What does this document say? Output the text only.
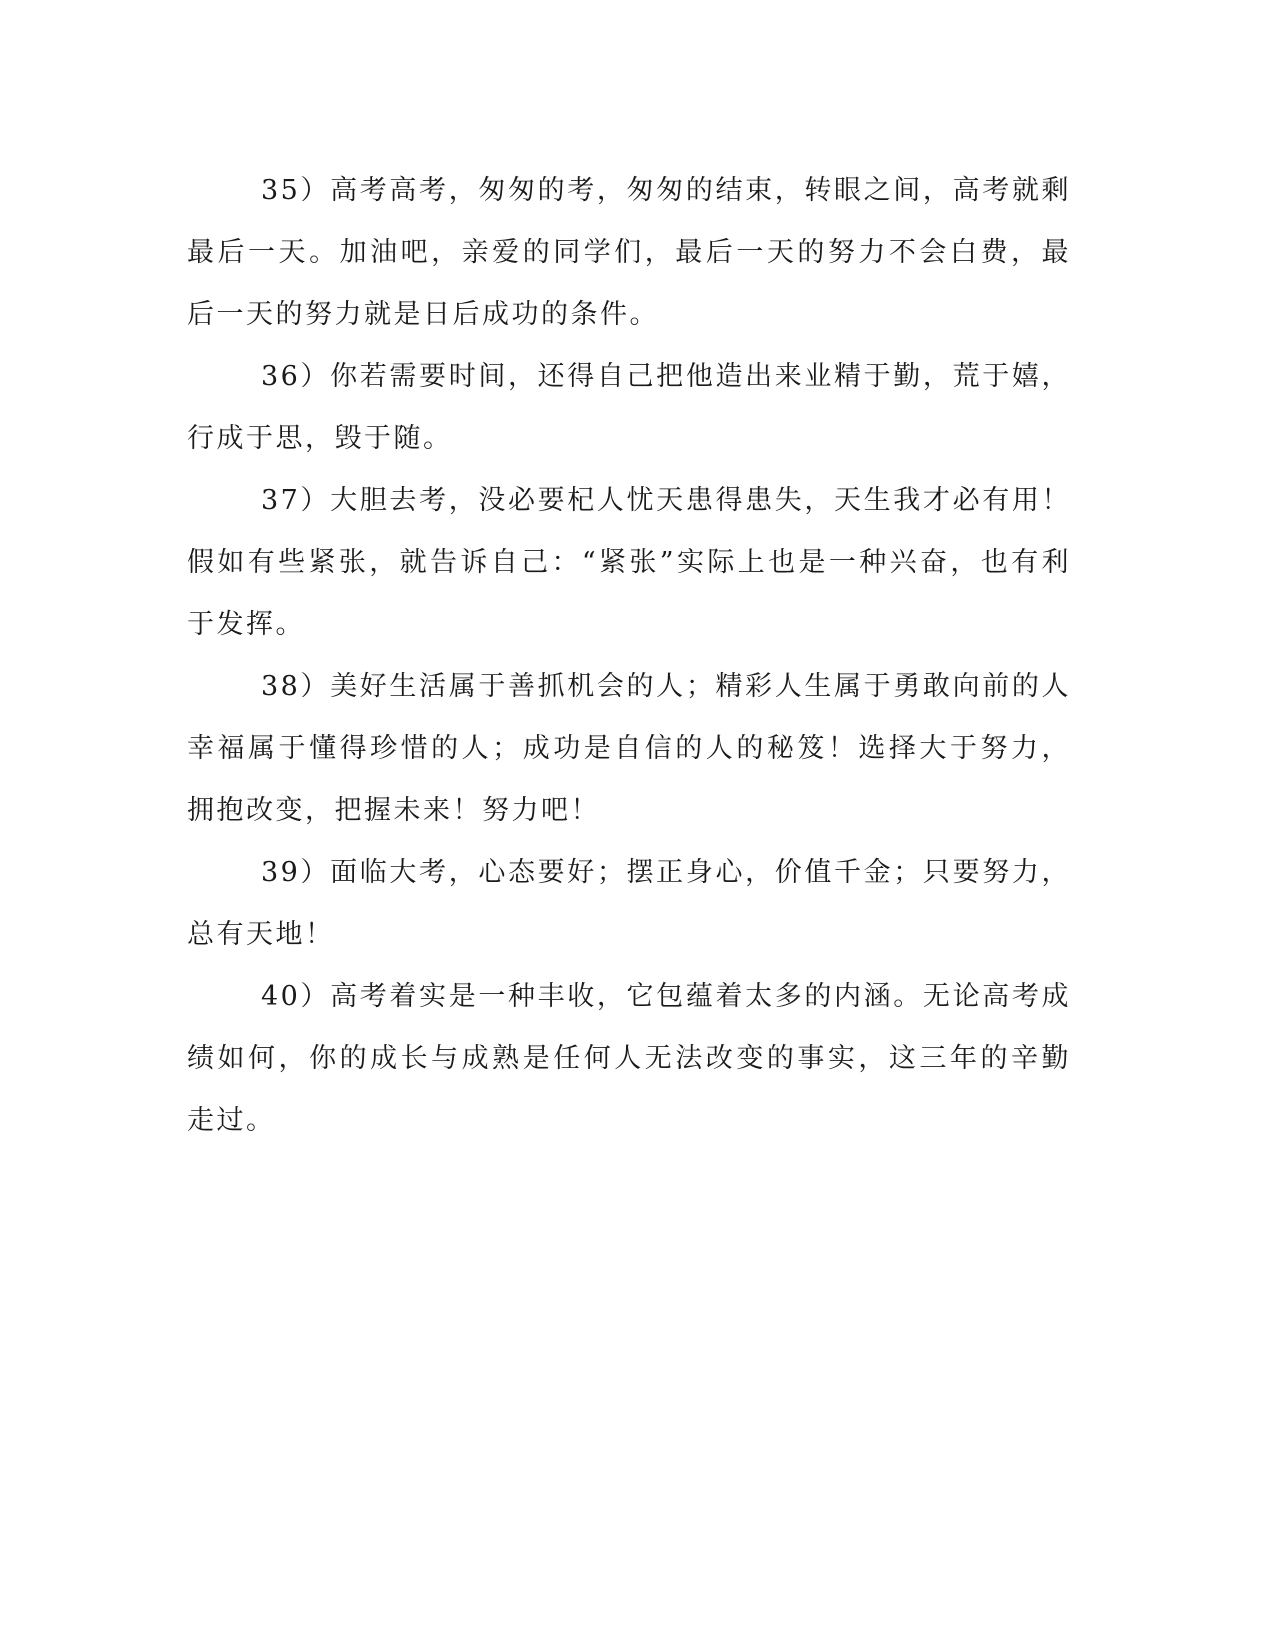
35）高考高考，匆匆的考，匆匆的结束，转眼之间，高考就剩最后一天。加油吧，亲爱的同学们，最后一天的努力不会白费，最后一天的努力就是日后成功的条件。

36）你若需要时间，还得自己把他造出来业精于勤，荒于嬉，行成于思，毁于随。

37）大胆去考，没必要杞人忧天患得患失，天生我才必有用！假如有些紧张，就告诉自己：“紧张”实际上也是一种兴奋，也有利于发挥。

38）美好生活属于善抓机会的人；精彩人生属于勇敢向前的人幸福属于懂得珍惜的人；成功是自信的人的秘笈！选择大于努力，拥抱改变，把握未来！努力吧！

39）面临大考，心态要好；摆正身心，价值千金；只要努力，总有天地！

40）高考着实是一种丰收，它包蕴着太多的内涵。无论高考成绩如何，你的成长与成熟是任何人无法改变的事实，这三年的辛勤走过。
